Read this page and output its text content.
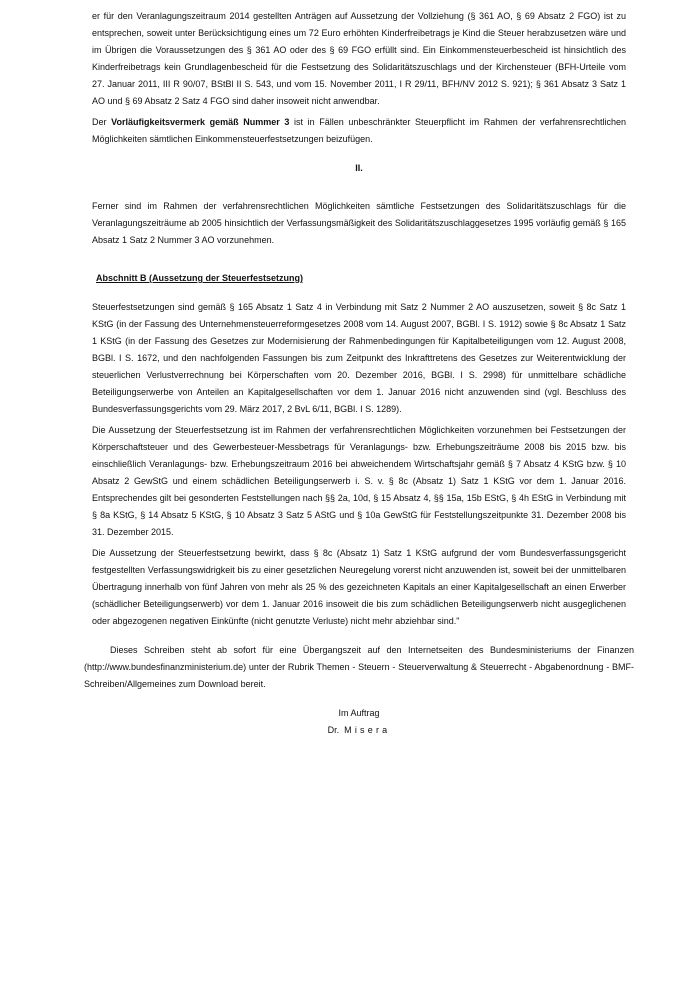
er für den Veranlagungszeitraum 2014 gestellten Anträgen auf Aussetzung der Vollziehung (§ 361 AO, § 69 Absatz 2 FGO) ist zu entsprechen, soweit unter Berücksichtigung eines um 72 Euro erhöhten Kinderfreibetrags je Kind die Steuer herabzusetzen wäre und im Übrigen die Voraussetzungen des § 361 AO oder des § 69 FGO erfüllt sind. Ein Einkommensteuerbescheid ist hinsichtlich des Kinderfreibetrags kein Grundlagenbescheid für die Festsetzung des Solidaritätszuschlags und der Kirchensteuer (BFH-Urteile vom 27. Januar 2011, III R 90/07, BStBl II S. 543, und vom 15. November 2011, I R 29/11, BFH/NV 2012 S. 921); § 361 Absatz 3 Satz 1 AO und § 69 Absatz 2 Satz 4 FGO sind daher insoweit nicht anwendbar.

Der Vorläufigkeitsvermerk gemäß Nummer 3 ist in Fällen unbeschränkter Steuerpflicht im Rahmen der verfahrensrechtlichen Möglichkeiten sämtlichen Einkommensteuerfestsetzungen beizufügen.

II.

Ferner sind im Rahmen der verfahrensrechtlichen Möglichkeiten sämtliche Festsetzungen des Solidaritätszuschlags für die Veranlagungszeiträume ab 2005 hinsichtlich der Verfassungsmäßigkeit des Solidaritätszuschlaggesetzes 1995 vorläufig gemäß § 165 Absatz 1 Satz 2 Nummer 3 AO vorzunehmen.

Abschnitt B (Aussetzung der Steuerfestsetzung)

Steuerfestsetzungen sind gemäß § 165 Absatz 1 Satz 4 in Verbindung mit Satz 2 Nummer 2 AO auszusetzen, soweit § 8c Satz 1 KStG (in der Fassung des Unternehmensteuerreformgesetzes 2008 vom 14. August 2007, BGBl. I S. 1912) sowie § 8c Absatz 1 Satz 1 KStG (in der Fassung des Gesetzes zur Modernisierung der Rahmenbedingungen für Kapitalbeteiligungen vom 12. August 2008, BGBl. I S. 1672, und den nachfolgenden Fassungen bis zum Zeitpunkt des Inkrafttretens des Gesetzes zur Weiterentwicklung der steuerlichen Verlustverrechnung bei Körperschaften vom 20. Dezember 2016, BGBl. I S. 2998) für unmittelbare schädliche Beteiligungserwerbe von Anteilen an Kapitalgesellschaften vor dem 1. Januar 2016 nicht anzuwenden sind (vgl. Beschluss des Bundesverfassungsgerichts vom 29. März 2017, 2 BvL 6/11, BGBl. I S. 1289).

Die Aussetzung der Steuerfestsetzung ist im Rahmen der verfahrensrechtlichen Möglichkeiten vorzunehmen bei Festsetzungen der Körperschaftsteuer und des Gewerbesteuer-Messbetrags für Veranlagungs- bzw. Erhebungszeiträume 2008 bis 2015 bzw. bis einschließlich Veranlagungs- bzw. Erhebungszeitraum 2016 bei abweichendem Wirtschaftsjahr gemäß § 7 Absatz 4 KStG bzw. § 10 Absatz 2 GewStG und einem schädlichen Beteiligungserwerb i. S. v. § 8c (Absatz 1) Satz 1 KStG vor dem 1. Januar 2016. Entsprechendes gilt bei gesonderten Feststellungen nach §§ 2a, 10d, § 15 Absatz 4, §§ 15a, 15b EStG, § 4h EStG in Verbindung mit § 8a KStG, § 14 Absatz 5 KStG, § 10 Absatz 3 Satz 5 AStG und § 10a GewStG für Feststellungszeitpunkte 31. Dezember 2008 bis 31. Dezember 2015.

Die Aussetzung der Steuerfestsetzung bewirkt, dass § 8c (Absatz 1) Satz 1 KStG aufgrund der vom Bundesverfassungsgericht festgestellten Verfassungswidrigkeit bis zu einer gesetzlichen Neuregelung vorerst nicht anzuwenden ist, soweit bei der unmittelbaren Übertragung innerhalb von fünf Jahren von mehr als 25 % des gezeichneten Kapitals an einer Kapitalgesellschaft an einen Erwerber (schädlicher Beteiligungserwerb) vor dem 1. Januar 2016 insoweit die bis zum schädlichen Beteiligungserwerb nicht ausgeglichenen oder abgezogenen negativen Einkünfte (nicht genutzte Verluste) nicht mehr abziehbar sind."

Dieses Schreiben steht ab sofort für eine Übergangszeit auf den Internetseiten des Bundesministeriums der Finanzen (http://www.bundesfinanzministerium.de) unter der Rubrik Themen - Steuern - Steuerverwaltung & Steuerrecht - Abgabenordnung - BMF-Schreiben/Allgemeines zum Download bereit.

Im Auftrag
Dr. Misera
